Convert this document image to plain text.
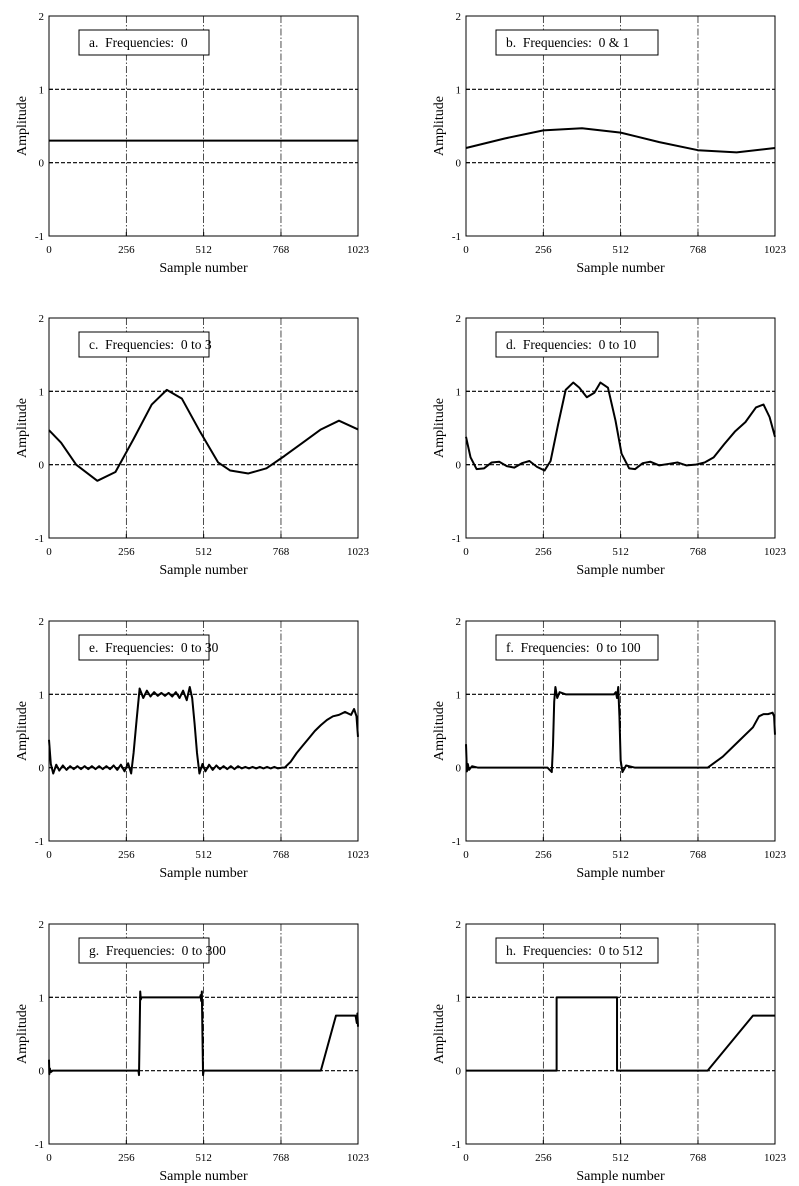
0	256	512	768	1023
-1
0
1
2
Sample number
Amplitude
a.  Frequencies:  0
0	256	512	768	1023
-1
0
1
2
Sample number
Amplitude
b.  Frequencies:  0 & 1
0	256	512	768	1023
-1
0
1
2
Sample number
Amplitude
c.  Frequencies:  0 to 3
0	256	512	768	1023
-1
0
1
2
Sample number
Amplitude
d.  Frequencies:  0 to 10
0	256	512	768	1023
-1
0
1
2
Sample number
Amplitude
e.  Frequencies:  0 to 30
0	256	512	768	1023
-1
0
1
2
Sample number
Amplitude
f.  Frequencies:  0 to 100
0	256	512	768	1023
-1
0
1
2
Sample number
Amplitude
g.  Frequencies:  0 to 300
0	256	512	768	1023
-1
0
1
2
Sample number
Amplitude
h.  Frequencies:  0 to 512
